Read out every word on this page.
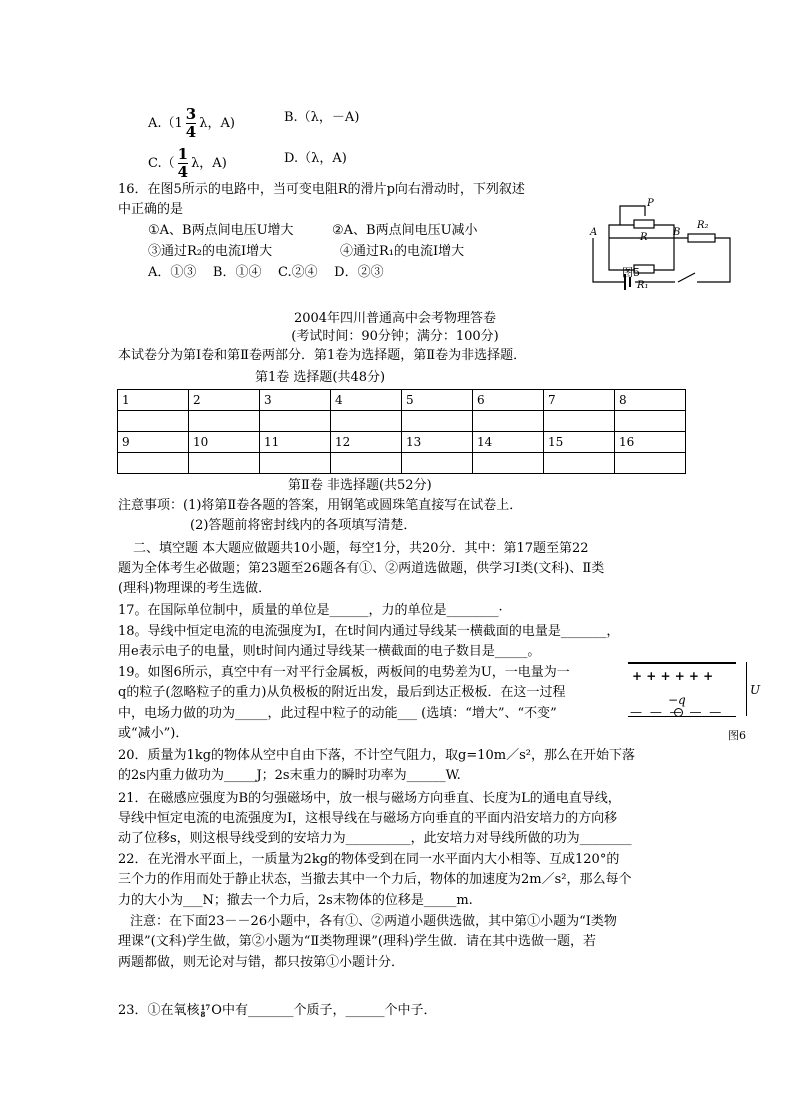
$A.(1 \frac{3}{4}$ λ，A)	B.（λ，－A)
$C.( \frac{1}{4}$ λ，A)	D.（λ，A)
16．在图5所示的电路中，当可变电阻R的滑片p向右滑动时，下列叙述
中正确的是
①A、B两点间电压U增大	②A、B两点间电压U减小
③通过R₂的电流I增大	④通过R₁的电流I增大
A．①③    B．①④    C.②④    D．②③
P
A	R	B
R₂
R₁
图5
2004年四川普通高中会考物理答卷
(考试时间：90分钟；满分：100分)
本试卷分为第Ⅰ卷和第Ⅱ卷两部分．第1卷为选择题，第Ⅱ卷为非选择题．
第1卷 选择题(共48分)
1	2	3	4	5	6	7	8

9	10	11	12	13	14	15	16

第Ⅱ卷 非选择题(共52分)
注意事项：(1)将第Ⅱ卷各题的答案，用钢笔或圆珠笔直接写在试卷上．
(2)答题前将密封线内的各项填写清楚．
二、填空题 本大题应做题共10小题，每空1分，共20分．其中：第17题至第22
题为全体考生必做题；第23题至26题各有①、②两道选做题，供学习Ⅰ类(文科)、Ⅱ类
(理科)物理课的考生选做．
17。在国际单位制中，质量的单位是______，力的单位是________·
18。导线中恒定电流的电流强度为I，在t时间内通过导线某一横截面的电量是_______，
用e表示电子的电量，则t时间内通过导线某一横截面的电子数目是_____。
19。如图6所示，真空中有一对平行金属板，两板间的电势差为U，一电量为一
q的粒子(忽略粒子的重力)从负极板的附近出发，最后到达正极板．在这一过程
中，电场力做的功为_____，此过程中粒子的动能___ (选填：“增大”、“不变”
或“减小”)．
+ + + + + +
−q
— — — — —
U
图6
20．质量为1kg的物体从空中自由下落，不计空气阻力，取g=10m／s²，那么在开始下落
的2s内重力做功为_____J；2s末重力的瞬时功率为______W.
21．在磁感应强度为B的匀强磁场中，放一根与磁场方向垂直、长度为L的通电直导线，
导线中恒定电流的电流强度为I，这根导线在与磁场方向垂直的平面内沿安培力的方向移
动了位移s，则这根导线受到的安培力为__________，此安培力对导线所做的功为________
22．在光滑水平面上，一质量为2kg的物体受到在同一水平面内大小相等、互成120°的
三个力的作用而处于静止状态，当撤去其中一个力后，物体的加速度为2m／s²，那么每个
力的大小为___N；撤去一个力后，2s末物体的位移是_____m.
注意：在下面23－－26小题中，各有①、②两道小题供选做，其中第①小题为“Ⅰ类物
理课”(文科)学生做，第②小题为“Ⅱ类物理课”(理科)学生做．请在其中选做一题，若
两题都做，则无论对与错，都只按第①小题计分．
23．①在氧核 17
8 O中有_______个质子，______个中子．
